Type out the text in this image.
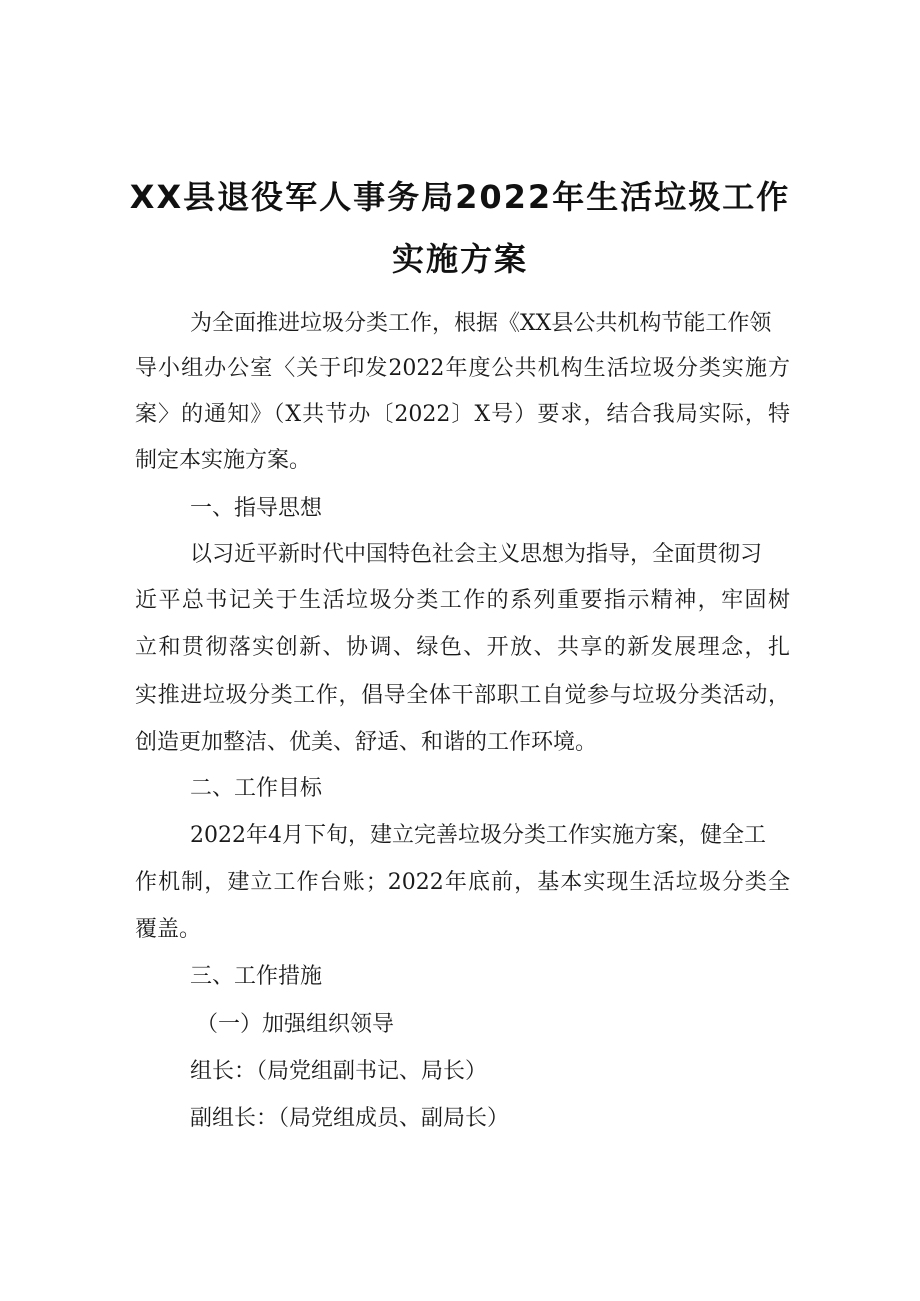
XX县退役军人事务局2022年生活垃圾工作
实施方案
为全面推进垃圾分类工作，根据《XX县公共机构节能工作领
导小组办公室〈关于印发2022年度公共机构生活垃圾分类实施方
案〉的通知》（X共节办〔2022〕X号）要求，结合我局实际，特
制定本实施方案。
一、指导思想
以习近平新时代中国特色社会主义思想为指导，全面贯彻习
近平总书记关于生活垃圾分类工作的系列重要指示精神，牢固树
立和贯彻落实创新、协调、绿色、开放、共享的新发展理念，扎
实推进垃圾分类工作，倡导全体干部职工自觉参与垃圾分类活动，
创造更加整洁、优美、舒适、和谐的工作环境。
二、工作目标
2022年4月下旬，建立完善垃圾分类工作实施方案，健全工
作机制，建立工作台账；2022年底前，基本实现生活垃圾分类全
覆盖。
三、工作措施
（一）加强组织领导
组长：（局党组副书记、局长）
副组长：（局党组成员、副局长）
